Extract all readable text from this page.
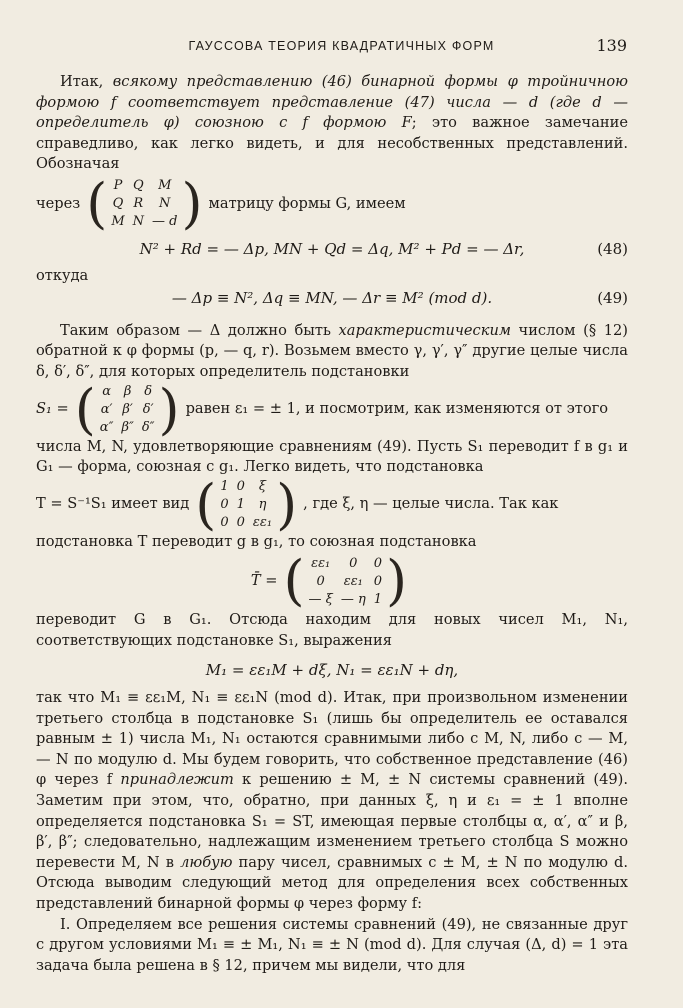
ГАУССОВА ТЕОРИЯ КВАДРАТИЧНЫХ ФОРМ	139

Итак, всякому представлению (46) бинарной формы φ тройничною формою f соответствует представление (47) числа — d (где d — определитель φ) союзною с f формою F; это важное замечание справедливо, как легко видеть, и для несобственных представлений. Обозначая

через ( P	Q	M
Q	R	N
M	N	— d ) матрицу формы G, имеем
N² + Rd = — Δp, MN + Qd = Δq, M² + Pd = — Δr,	(48)

откуда

— Δp ≡ N², Δq ≡ MN, — Δr ≡ M² (mod d).	(49)

Таким образом — Δ должно быть характеристическим числом (§ 12) обратной к φ формы (p, — q, r). Возьмем вместо γ, γ′, γ″ другие целые числа δ, δ′, δ″, для которых определитель подстановки

S₁ = ( α	β	δ
α′	β′	δ′
α″	β″	δ″ ) равен ε₁ = ± 1, и посмотрим, как изменяются от этого

числа M, N, удовлетворяющие сравнениям (49). Пусть S₁ переводит f в g₁ и G₁ — форма, союзная с g₁. Легко видеть, что подстановка

T = S⁻¹S₁ имеет вид ( 1	0	ξ
0	1	η
0	0	εε₁ ) , где ξ, η — целые числа. Так как

подстановка T переводит g в g₁, то союзная подстановка

T̄ = ( εε₁	0	0
0	εε₁	0
— ξ	— η	1 )

переводит G в G₁. Отсюда находим для новых чисел M₁, N₁, соответствующих подстановке S₁, выражения

M₁ = εε₁M + dξ, N₁ = εε₁N + dη,

так что M₁ ≡ εε₁M, N₁ ≡ εε₁N (mod d). Итак, при произвольном изменении третьего столбца в подстановке S₁ (лишь бы определитель ее оставался равным ± 1) числа M₁, N₁ остаются сравнимыми либо с M, N, либо с — M, — N по модулю d. Мы будем говорить, что собственное представление (46) φ через f принадлежит к решению ± M, ± N системы сравнений (49). Заметим при этом, что, обратно, при данных ξ, η и ε₁ = ± 1 вполне определяется подстановка S₁ = ST, имеющая первые столбцы α, α′, α″ и β, β′, β″; следовательно, надлежащим изменением третьего столбца S можно перевести M, N в любую пару чисел, сравнимых с ± M, ± N по модулю d. Отсюда выводим следующий метод для определения всех собственных представлений бинарной формы φ через форму f:

I. Определяем все решения системы сравнений (49), не связанные друг с другом условиями M₁ ≡ ± M₁, N₁ ≡ ± N (mod d). Для случая (Δ, d) = 1 эта задача была решена в § 12, причем мы видели, что для
